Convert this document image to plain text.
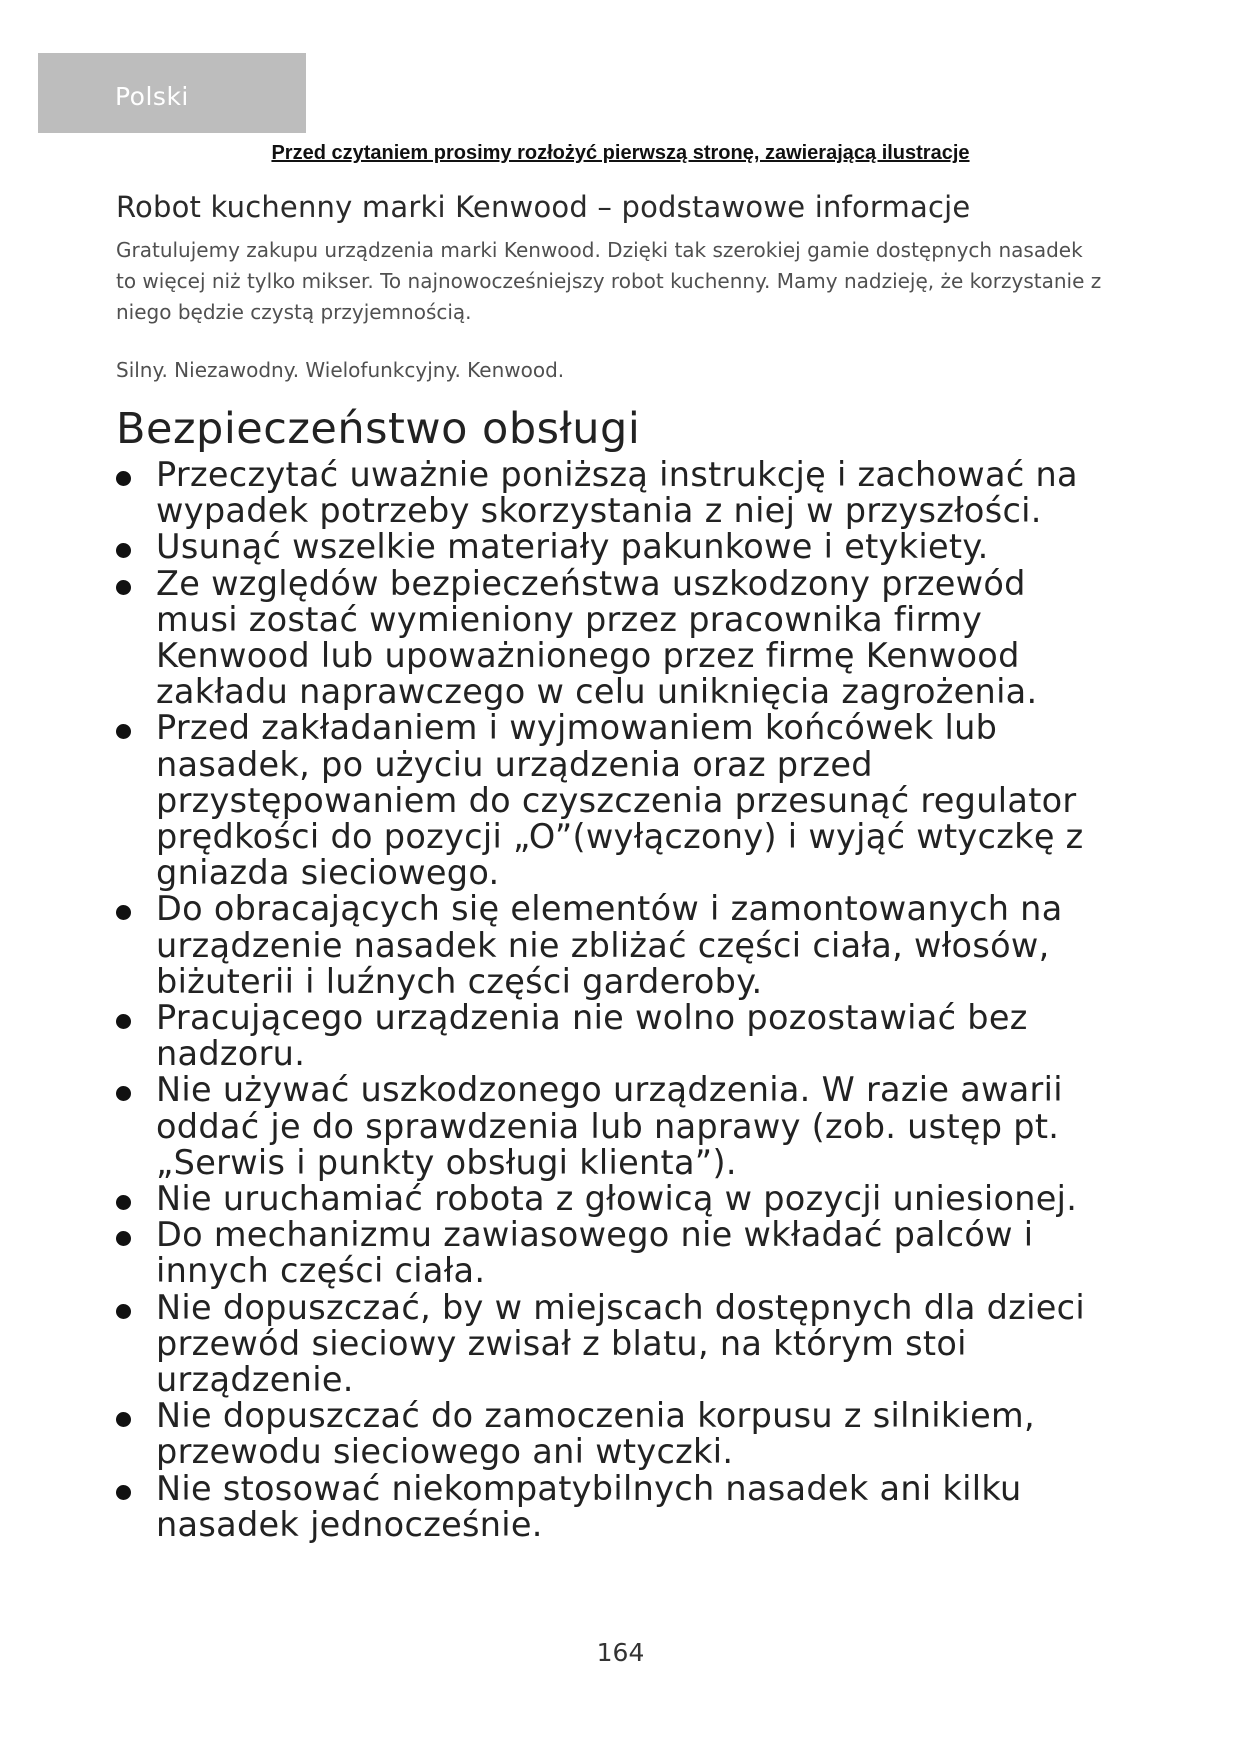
Polski
Przed czytaniem prosimy rozłożyć pierwszą stronę, zawierającą ilustracje
Robot kuchenny marki Kenwood – podstawowe informacje

Gratulujemy zakupu urządzenia marki Kenwood. Dzięki tak szerokiej gamie dostępnych nasadek to więcej niż tylko mikser. To najnowocześniejszy robot kuchenny. Mamy nadzieję, że korzystanie z niego będzie czystą przyjemnością.

Silny. Niezawodny. Wielofunkcyjny. Kenwood.

Bezpieczeństwo obsługi
Przeczytać uważnie poniższą instrukcję i zachować na wypadek potrzeby skorzystania z niej w przyszłości.
Usunąć wszelkie materiały pakunkowe i etykiety.
Ze względów bezpieczeństwa uszkodzony przewód musi zostać wymieniony przez pracownika firmy Kenwood lub upoważnionego przez firmę Kenwood zakładu naprawczego w celu uniknięcia zagrożenia.
Przed zakładaniem i wyjmowaniem końcówek lub nasadek, po użyciu urządzenia oraz przed przystępowaniem do czyszczenia przesunąć regulator prędkości do pozycji „O”(wyłączony) i wyjąć wtyczkę z gniazda sieciowego.
Do obracających się elementów i zamontowanych na urządzenie nasadek nie zbliżać części ciała, włosów, biżuterii i luźnych części garderoby.
Pracującego urządzenia nie wolno pozostawiać bez nadzoru.
Nie używać uszkodzonego urządzenia. W razie awarii oddać je do sprawdzenia lub naprawy (zob. ustęp pt. „Serwis i punkty obsługi klienta”).
Nie uruchamiać robota z głowicą w pozycji uniesionej.
Do mechanizmu zawiasowego nie wkładać palców i innych części ciała.
Nie dopuszczać, by w miejscach dostępnych dla dzieci przewód sieciowy zwisał z blatu, na którym stoi urządzenie.
Nie dopuszczać do zamoczenia korpusu z silnikiem, przewodu sieciowego ani wtyczki.
Nie stosować niekompatybilnych nasadek ani kilku nasadek jednocześnie.
164
